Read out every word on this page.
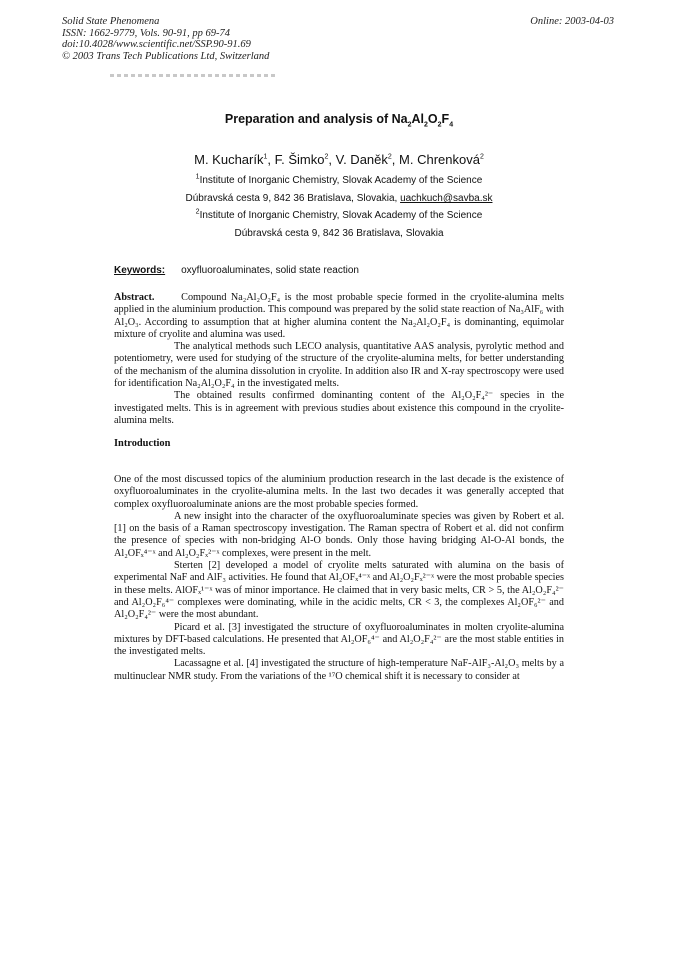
Solid State Phenomena
ISSN: 1662-9779, Vols. 90-91, pp 69-74
doi:10.4028/www.scientific.net/SSP.90-91.69
© 2003 Trans Tech Publications Ltd, Switzerland
Online: 2003-04-03
Preparation and analysis of $Na_2Al_2O_2F_4$
M. Kucharík$^1$, F. Šimko$^2$, V. Daněk$^2$, M. Chrenková$^2$
$^1$Institute of Inorganic Chemistry, Slovak Academy of the Science
Dúbravská cesta 9, 842 36 Bratislava, Slovakia, uachkuch@savba.sk
$^2$Institute of Inorganic Chemistry, Slovak Academy of the Science
Dúbravská cesta 9, 842 36 Bratislava, Slovakia
Keywords: oxyfluoroaluminates, solid state reaction

Abstract.	Compound Na₂Al₂O₂F₄ is the most probable specie formed in the cryolite-alumina melts applied in the aluminium production. This compound was prepared by the solid state reaction of Na₃AlF₆ with Al₂O₃. According to assumption that at higher alumina content the Na₂Al₂O₂F₄ is dominanting, equimolar mixture of cryolite and alumina was used.

The analytical methods such LECO analysis, quantitative AAS analysis, pyrolytic method and potentiometry, were used for studying of the structure of the cryolite-alumina melts, for better understanding of the mechanism of the alumina dissolution in cryolite. In addition also IR and X-ray spectroscopy were used for identification Na₂Al₂O₂F₄ in the investigated melts.

The obtained results confirmed dominanting content of the Al₂O₂F₄²⁻ species in the investigated melts. This is in agreement with previous studies about existence this compound in the cryolite-alumina melts.

Introduction

One of the most discussed topics of the aluminium production research in the last decade is the existence of oxyfluoroaluminates in the cryolite-alumina melts. In the last two decades it was generally accepted that complex oxyfluoroaluminate anions are the most probable species formed.

A new insight into the character of the oxyfluoroaluminate species was given by Robert et al. [1] on the basis of a Raman spectroscopy investigation. The Raman spectra of Robert et al. did not confirm the presence of species with non-bridging Al-O bonds. Only those having bridging Al-O-Al bonds, the Al₂OFₓ⁴⁻ˣ and Al₂O₂Fₓ²⁻ˣ complexes, were present in the melt.

Sterten [2] developed a model of cryolite melts saturated with alumina on the basis of experimental NaF and AlF₃ activities. He found that Al₂OFₓ⁴⁻ˣ and Al₂O₂Fₓ²⁻ˣ were the most probable species in these melts. AlOFₓ¹⁻ˣ was of minor importance. He claimed that in very basic melts, CR > 5, the Al₂O₂F₄²⁻ and Al₂O₂F₆⁴⁻ complexes were dominating, while in the acidic melts, CR < 3, the complexes Al₂OF₆²⁻ and Al₂O₂F₄²⁻ were the most abundant.

Picard et al. [3] investigated the structure of oxyfluoroaluminates in molten cryolite-alumina mixtures by DFT-based calculations. He presented that Al₂OF₆⁴⁻ and Al₂O₂F₄²⁻ are the most stable entities in the investigated melts.

Lacassagne et al. [4] investigated the structure of high-temperature NaF-AlF₃-Al₂O₃ melts by a multinuclear NMR study. From the variations of the ¹⁷O chemical shift it is necessary to consider at
